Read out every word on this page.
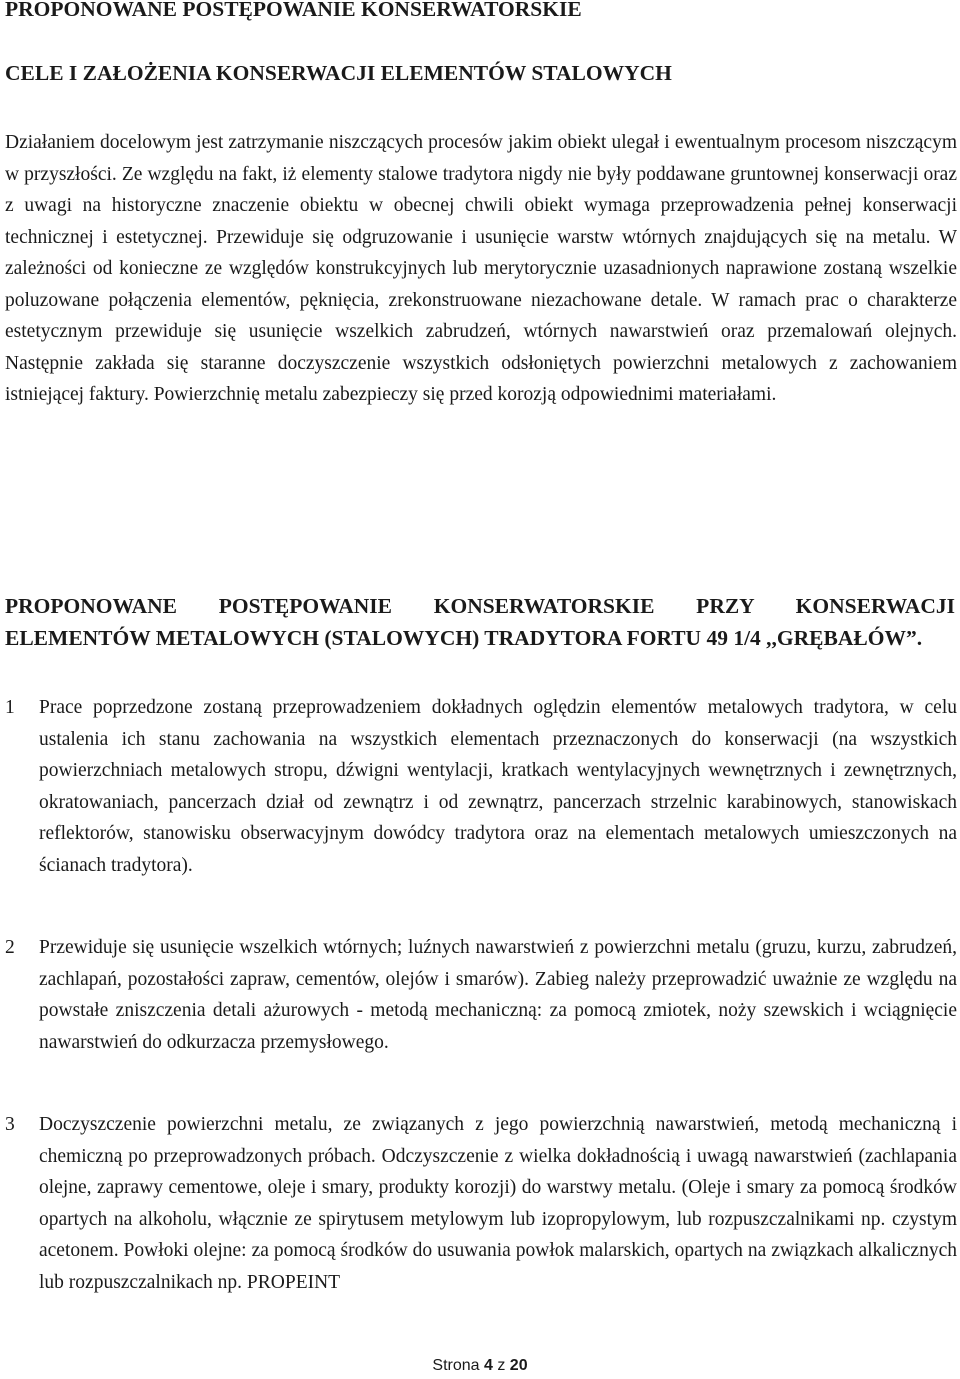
PROPONOWANE POSTĘPOWANIE KONSERWATORSKIE
CELE I ZAŁOŻENIA KONSERWACJI ELEMENTÓW STALOWYCH

Działaniem docelowym jest zatrzymanie niszczących procesów jakim obiekt ulegał i ewentualnym procesom niszczącym w przyszłości. Ze względu na fakt, iż elementy stalowe tradytora nigdy nie były poddawane gruntownej konserwacji oraz z uwagi na historyczne znaczenie obiektu w obecnej chwili obiekt wymaga przeprowadzenia pełnej konserwacji technicznej i estetycznej. Przewiduje się odgruzowanie i usunięcie warstw wtórnych znajdujących się na metalu. W zależności od konieczne ze względów konstrukcyjnych lub merytorycznie uzasadnionych naprawione zostaną wszelkie poluzowane połączenia elementów, pęknięcia, zrekonstruowane niezachowane detale. W ramach prac o charakterze estetycznym przewiduje się usunięcie wszelkich zabrudzeń, wtórnych nawarstwień oraz przemalowań olejnych. Następnie zakłada się staranne doczyszczenie wszystkich odsłoniętych powierzchni metalowych z zachowaniem istniejącej faktury. Powierzchnię metalu zabezpieczy się przed korozją odpowiednimi materiałami.

PROPONOWANE POSTĘPOWANIE KONSERWATORSKIE PRZY KONSERWACJI ELEMENTÓW METALOWYCH (STALOWYCH) TRADYTORA FORTU 49 1/4 ,,GRĘBAŁÓW”.
1	Prace poprzedzone zostaną przeprowadzeniem dokładnych oględzin elementów metalowych tradytora, w celu ustalenia ich stanu zachowania na wszystkich elementach przeznaczonych do konserwacji (na wszystkich powierzchniach metalowych stropu, dźwigni wentylacji, kratkach wentylacyjnych wewnętrznych i zewnętrznych, okratowaniach, pancerzach dział od zewnątrz i od zewnątrz, pancerzach strzelnic karabinowych, stanowiskach reflektorów, stanowisku obserwacyjnym dowódcy tradytora oraz na elementach metalowych umieszczonych na ścianach tradytora).

2	Przewiduje się usunięcie wszelkich wtórnych; luźnych nawarstwień z powierzchni metalu (gruzu, kurzu, zabrudzeń, zachlapań, pozostałości zapraw, cementów, olejów i smarów). Zabieg należy przeprowadzić uważnie ze względu na powstałe zniszczenia detali ażurowych - metodą mechaniczną: za pomocą zmiotek, noży szewskich i wciągnięcie nawarstwień do odkurzacza przemysłowego.

3	Doczyszczenie powierzchni metalu, ze związanych z jego powierzchnią nawarstwień, metodą mechaniczną i chemiczną po przeprowadzonych próbach. Odczyszczenie z wielka dokładnością i uwagą nawarstwień (zachlapania olejne, zaprawy cementowe, oleje i smary, produkty korozji) do warstwy metalu. (Oleje i smary za pomocą środków opartych na alkoholu, włącznie ze spirytusem metylowym lub izopropylowym, lub rozpuszczalnikami np. czystym acetonem. Powłoki olejne: za pomocą środków do usuwania powłok malarskich, opartych na związkach alkalicznych lub rozpuszczalnikach np. PROPEINT

Strona 4 z 20
